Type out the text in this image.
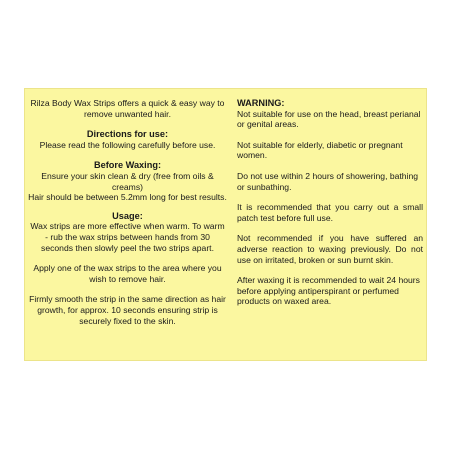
Rilza Body Wax Strips offers a quick & easy way to remove unwanted hair.

Directions for use:

Please read the following carefully before use.

Before Waxing:

Ensure your skin clean & dry (free from oils & creams)

Hair should be between 5.2mm long for best results.

Usage:

Wax strips are more effective when warm. To warm - rub the wax strips between hands from 30 seconds then slowly peel the two strips apart.

Apply one of the wax strips to the area where you wish to remove hair.

Firmly smooth the strip in the same direction as hair growth, for approx. 10 seconds ensuring strip is securely fixed to the skin.

WARNING:

Not suitable for use on the head, breast perianal or genital areas.

Not suitable for elderly, diabetic or pregnant women.

Do not use within 2 hours of showering, bathing or sunbathing.

It is recommended that you carry out a small patch test before full use.

Not recommended if you have suffered an adverse reaction to waxing previously. Do not use on irritated, broken or sun burnt skin.

After waxing it is recommended to wait 24 hours before applying antiperspirant or perfumed products on waxed area.
